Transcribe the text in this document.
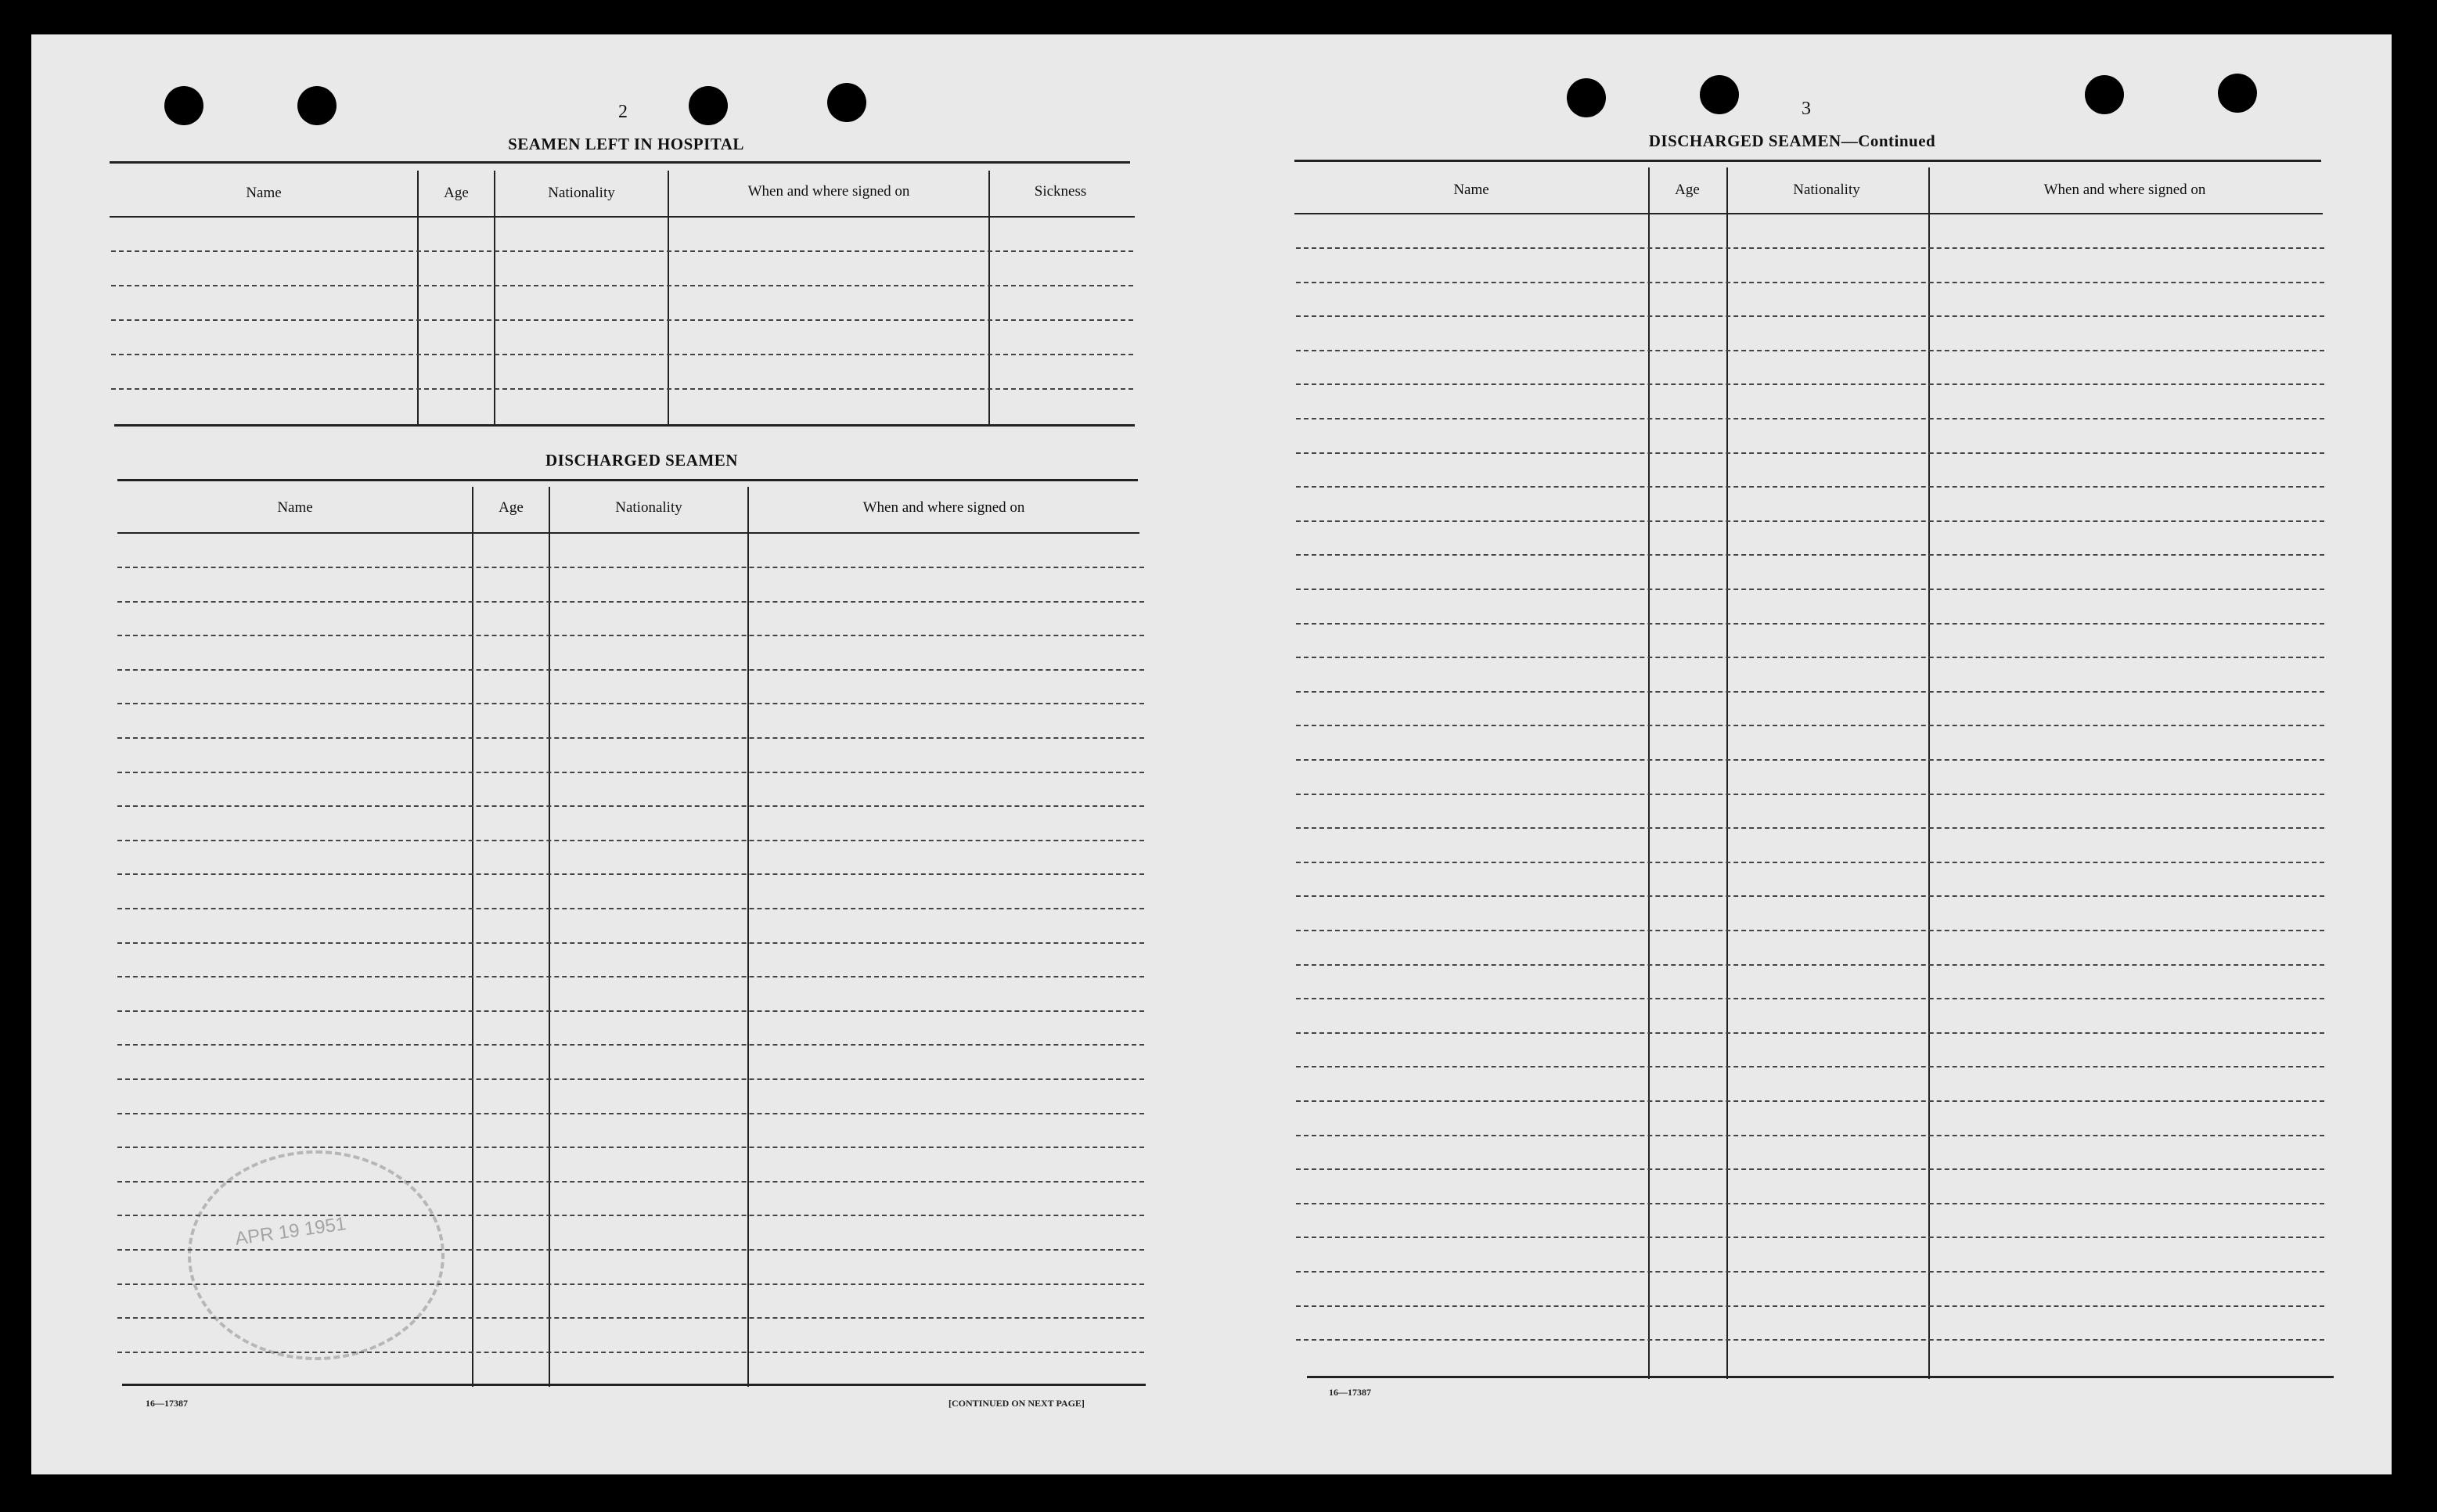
2
SEAMEN LEFT IN HOSPITAL
Name	Age	Nationality	When and where signed on	Sickness
DISCHARGED SEAMEN
Name	Age	Nationality	When and where signed on
APR 19 1951
16—17387	[CONTINUED ON NEXT PAGE]
3
DISCHARGED SEAMEN—Continued
Name	Age	Nationality	When and where signed on
16—17387
